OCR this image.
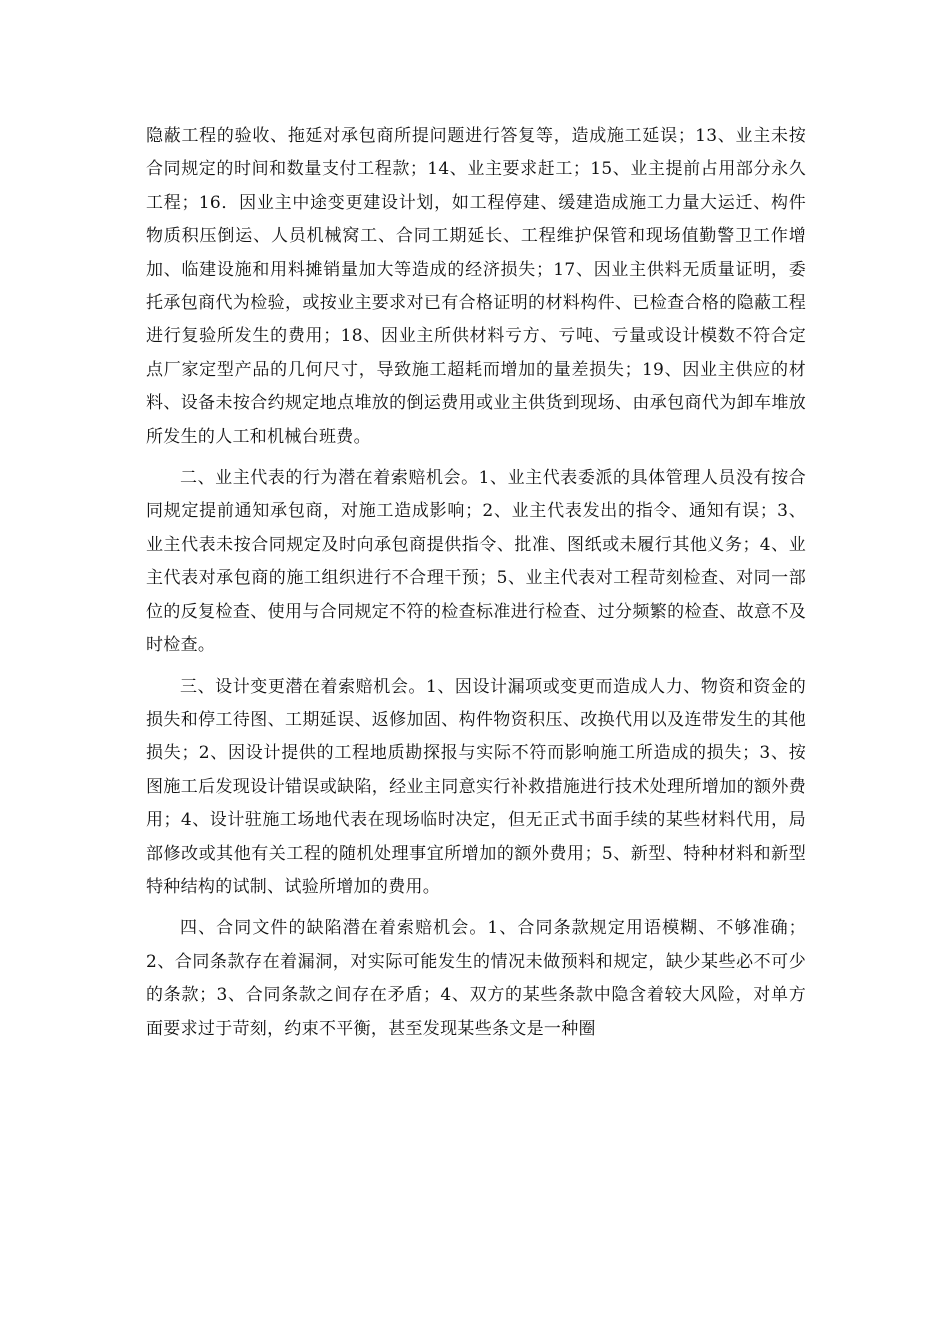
隐蔽工程的验收、拖延对承包商所提问题进行答复等，造成施工延误；13、业主未按合同规定的时间和数量支付工程款；14、业主要求赶工；15、业主提前占用部分永久工程；16．因业主中途变更建设计划，如工程停建、缓建造成施工力量大运迁、构件物质积压倒运、人员机械窝工、合同工期延长、工程维护保管和现场值勤警卫工作增加、临建设施和用料摊销量加大等造成的经济损失；17、因业主供料无质量证明，委托承包商代为检验，或按业主要求对已有合格证明的材料构件、已检查合格的隐蔽工程进行复验所发生的费用；18、因业主所供材料亏方、亏吨、亏量或设计模数不符合定点厂家定型产品的几何尺寸，导致施工超耗而增加的量差损失；19、因业主供应的材料、设备未按合约规定地点堆放的倒运费用或业主供货到现场、由承包商代为卸车堆放所发生的人工和机械台班费。

二、业主代表的行为潜在着索赔机会。1、业主代表委派的具体管理人员没有按合同规定提前通知承包商，对施工造成影响；2、业主代表发出的指令、通知有误；3、业主代表未按合同规定及时向承包商提供指令、批准、图纸或未履行其他义务；4、业主代表对承包商的施工组织进行不合理干预；5、业主代表对工程苛刻检查、对同一部位的反复检查、使用与合同规定不符的检查标准进行检查、过分频繁的检查、故意不及时检查。

三、设计变更潜在着索赔机会。1、因设计漏项或变更而造成人力、物资和资金的损失和停工待图、工期延误、返修加固、构件物资积压、改换代用以及连带发生的其他损失；2、因设计提供的工程地质勘探报与实际不符而影响施工所造成的损失；3、按图施工后发现设计错误或缺陷，经业主同意实行补救措施进行技术处理所增加的额外费用；4、设计驻施工场地代表在现场临时决定，但无正式书面手续的某些材料代用，局部修改或其他有关工程的随机处理事宜所增加的额外费用；5、新型、特种材料和新型特种结构的试制、试验所增加的费用。

四、合同文件的缺陷潜在着索赔机会。1、合同条款规定用语模糊、不够准确；2、合同条款存在着漏洞，对实际可能发生的情况未做预料和规定，缺少某些必不可少的条款；3、合同条款之间存在矛盾；4、双方的某些条款中隐含着较大风险，对单方面要求过于苛刻，约束不平衡，甚至发现某些条文是一种圈
